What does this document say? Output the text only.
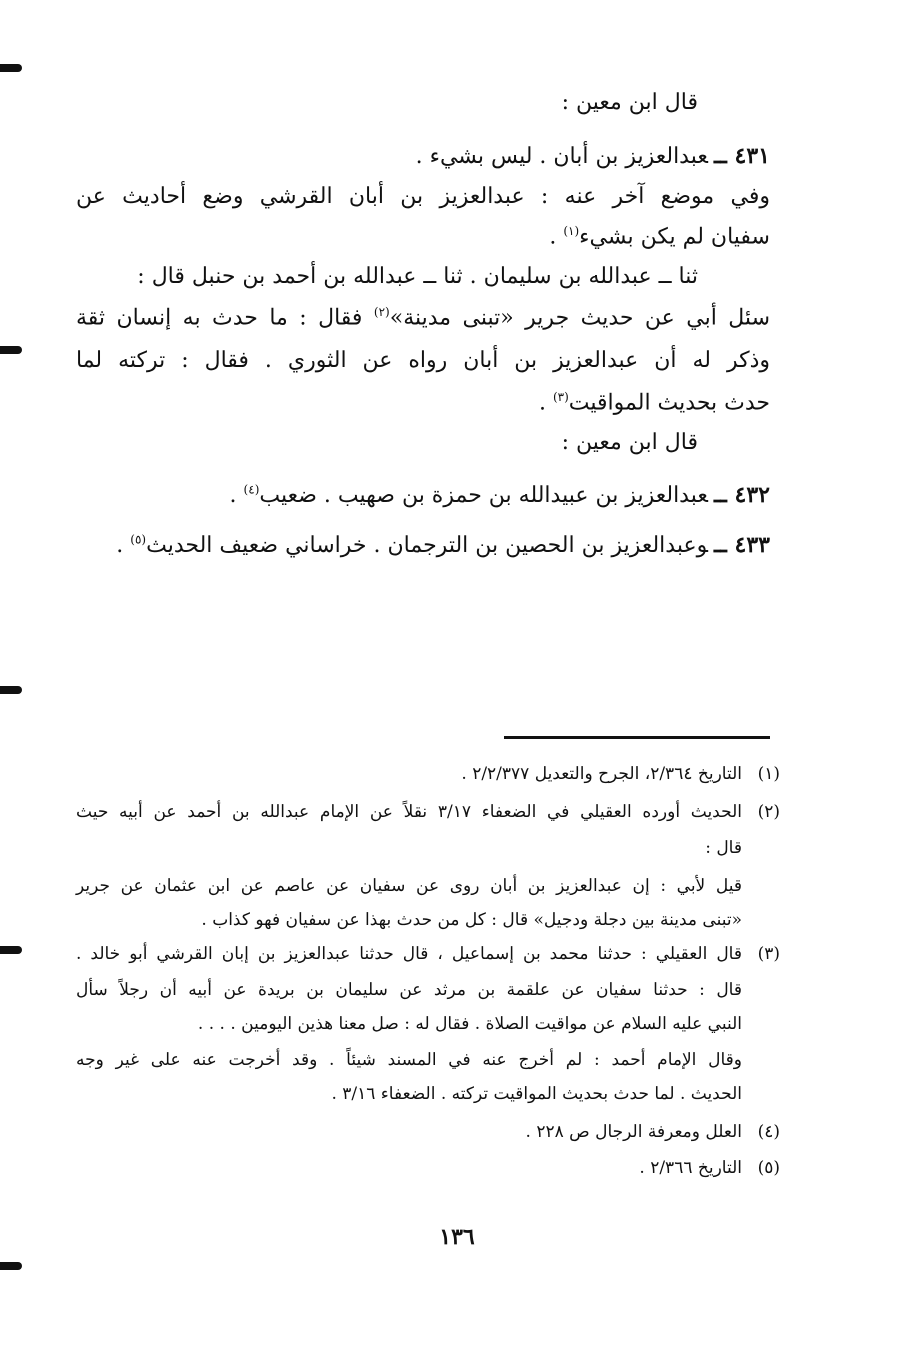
قال ابن معين :
٤٣١ ــعبدالعزيز بن أبان . ليس بشيء .
وفي موضع آخر عنه : عبدالعزيز بن أبان القرشي وضع أحاديث عن
سفيان لم يكن بشيء$^{(١)}$ .
ثنا ــ عبدالله بن سليمان . ثنا ــ عبدالله بن أحمد بن حنبل قال :
سئل أبي عن حديث جرير «تبنى مدينة»$^{(٢)}$ فقال : ما حدث به إنسان ثقة
وذكر له أن عبدالعزيز بن أبان رواه عن الثوري . فقال : تركته لما
حدث بحديث المواقيت$^{(٣)}$ .
قال ابن معين :
٤٣٢ ــعبدالعزيز بن عبيدالله بن حمزة بن صهيب . ضعيب$^{(٤)}$ .
٤٣٣ ــوعبدالعزيز بن الحصين بن الترجمان . خراساني ضعيف الحديث$^{(٥)}$ .
(١)التاريخ ٢/٣٦٤، الجرح والتعديل ٢/٢/٣٧٧ .
(٢)الحديث أورده العقيلي في الضعفاء ٣/١٧ نقلاً عن الإمام عبدالله بن أحمد عن أبيه حيث
قال :
قيل لأبي : إن عبدالعزيز بن أبان روى عن سفيان عن عاصم عن ابن عثمان عن جرير
«تبنى مدينة بين دجلة ودجيل» قال : كل من حدث بهذا عن سفيان فهو كذاب .
(٣)قال العقيلي : حدثنا محمد بن إسماعيل ، قال حدثنا عبدالعزيز بن إبان القرشي أبو خالد .
قال : حدثنا سفيان عن علقمة بن مرثد عن سليمان بن بريدة عن أبيه أن رجلاً سأل
النبي عليه السلام عن مواقيت الصلاة . فقال له : صل معنا هذين اليومين . . . .
وقال الإمام أحمد : لم أخرج عنه في المسند شيئاً . وقد أخرجت عنه على غير وجه
الحديث . لما حدث بحديث المواقيت تركته . الضعفاء ٣/١٦ .
(٤)العلل ومعرفة الرجال ص ٢٢٨ .
(٥)التاريخ ٢/٣٦٦ .
١٣٦
